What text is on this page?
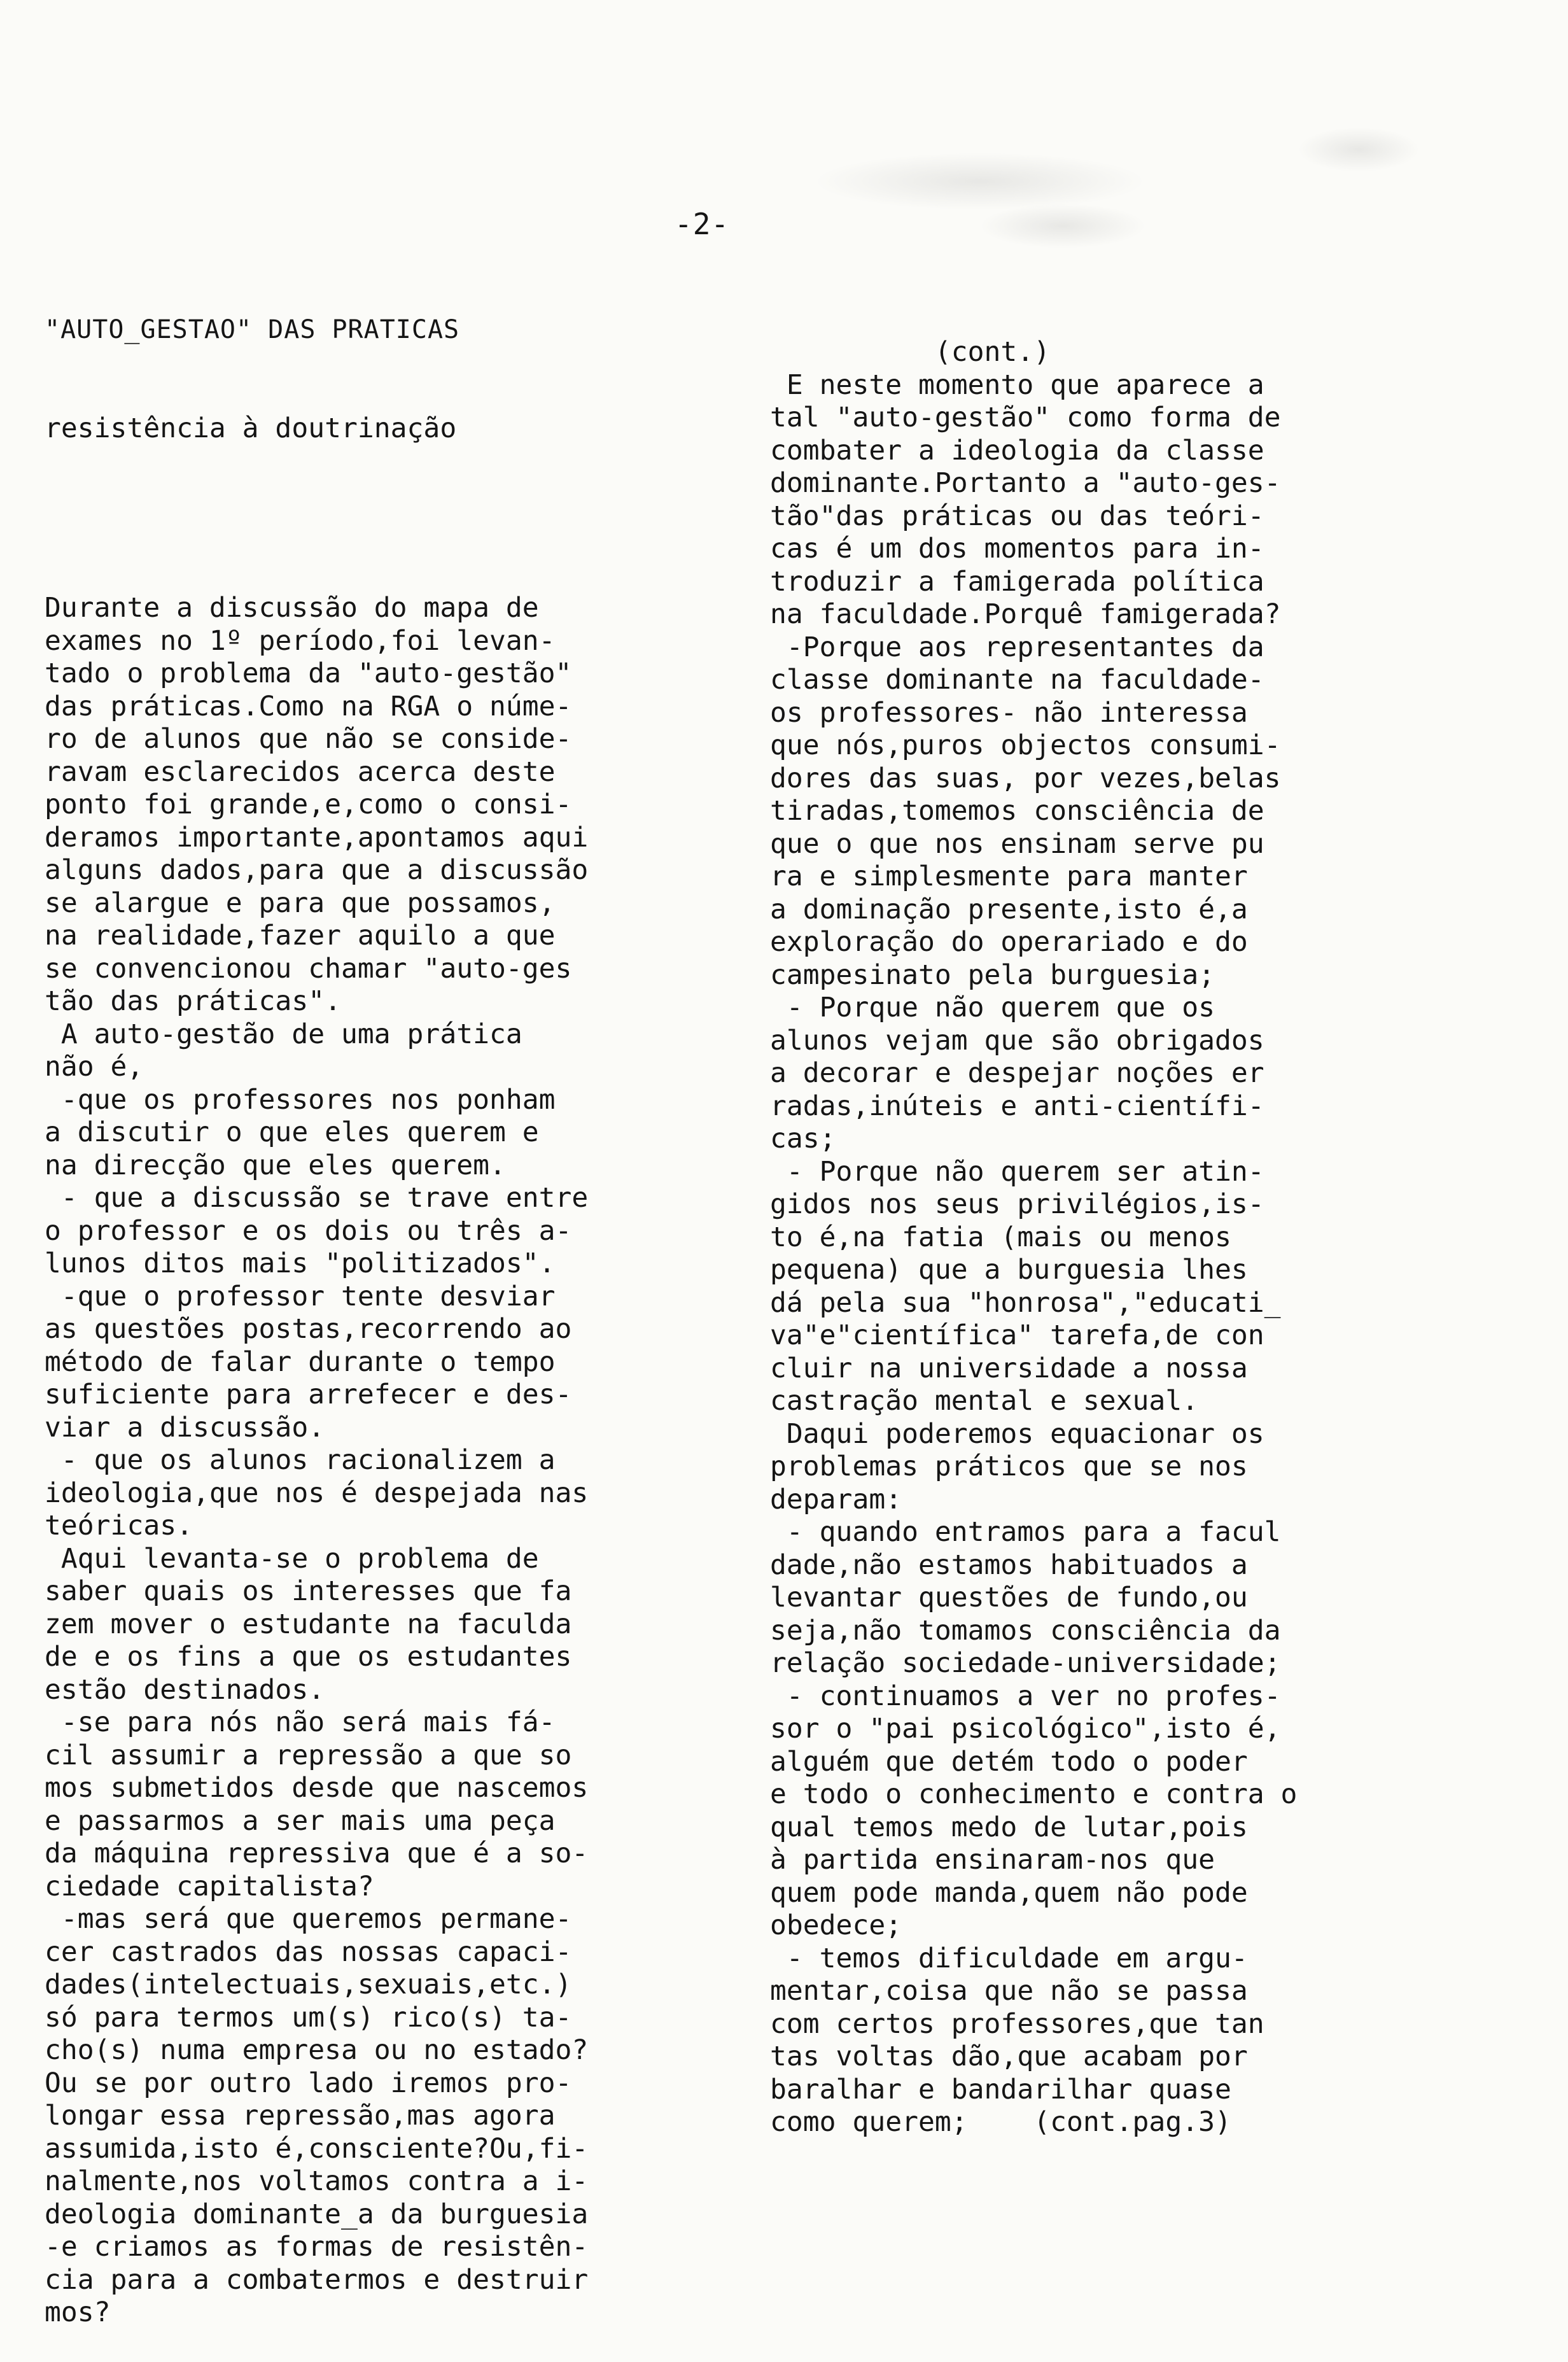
-2-

"AUTO_GESTAO" DAS PRATICAS

resistência à doutrinação

Durante a discussão do mapa de
exames no 1º período,foi levan-
tado o problema da "auto-gestão"
das práticas.Como na RGA o núme-
ro de alunos que não se conside-
ravam esclarecidos acerca deste
ponto foi grande,e,como o consi-
deramos importante,apontamos aqui
alguns dados,para que a discussão
se alargue e para que possamos,
na realidade,fazer aquilo a que
se convencionou chamar "auto-ges
tão das práticas".
A auto-gestão de uma prática
não é,
-que os professores nos ponham
a discutir o que eles querem e
na direcção que eles querem.
- que a discussão se trave entre
o professor e os dois ou três a-
lunos ditos mais "politizados".
-que o professor tente desviar
as questões postas,recorrendo ao
método de falar durante o tempo
suficiente para arrefecer e des-
viar a discussão.
- que os alunos racionalizem a
ideologia,que nos é despejada nas
teóricas.
Aqui levanta-se o problema de
saber quais os interesses que fa
zem mover o estudante na faculda
de e os fins a que os estudantes
estão destinados.
-se para nós não será mais fá-
cil assumir a repressão a que so
mos submetidos desde que nascemos
e passarmos a ser mais uma peça
da máquina repressiva que é a so-
ciedade capitalista?
-mas será que queremos permane-
cer castrados das nossas capaci-
dades(intelectuais,sexuais,etc.)
só para termos um(s) rico(s) ta-
cho(s) numa empresa ou no estado?
Ou se por outro lado iremos pro-
longar essa repressão,mas agora
assumida,isto é,consciente?Ou,fi-
nalmente,nos voltamos contra a i-
deologia dominante_a da burguesia
-e criamos as formas de resistên-
cia para a combatermos e destruir
mos?

(cont.)
E neste momento que aparece a
tal "auto-gestão" como forma de
combater a ideologia da classe
dominante.Portanto a "auto-ges-
tão"das práticas ou das teóri-
cas é um dos momentos para in-
troduzir a famigerada política
na faculdade.Porquê famigerada?
-Porque aos representantes da
classe dominante na faculdade-
os professores- não interessa
que nós,puros objectos consumi-
dores das suas, por vezes,belas
tiradas,tomemos consciência de
que o que nos ensinam serve pu
ra e simplesmente para manter
a dominação presente,isto é,a
exploração do operariado e do
campesinato pela burguesia;
- Porque não querem que os
alunos vejam que são obrigados
a decorar e despejar noções er
radas,inúteis e anti-científi-
cas;
- Porque não querem ser atin-
gidos nos seus privilégios,is-
to é,na fatia (mais ou menos
pequena) que a burguesia lhes
dá pela sua "honrosa","educati_
va"e"científica" tarefa,de con
cluir na universidade a nossa
castração mental e sexual.
Daqui poderemos equacionar os
problemas práticos que se nos
deparam:
- quando entramos para a facul
dade,não estamos habituados a
levantar questões de fundo,ou
seja,não tomamos consciência da
relação sociedade-universidade;
- continuamos a ver no profes-
sor o "pai psicológico",isto é,
alguém que detém todo o poder
e todo o conhecimento e contra o
qual temos medo de lutar,pois
à partida ensinaram-nos que
quem pode manda,quem não pode
obedece;
- temos dificuldade em argu-
mentar,coisa que não se passa
com certos professores,que tan
tas voltas dão,que acabam por
baralhar e bandarilhar quase
como querem;    (cont.pag.3)
